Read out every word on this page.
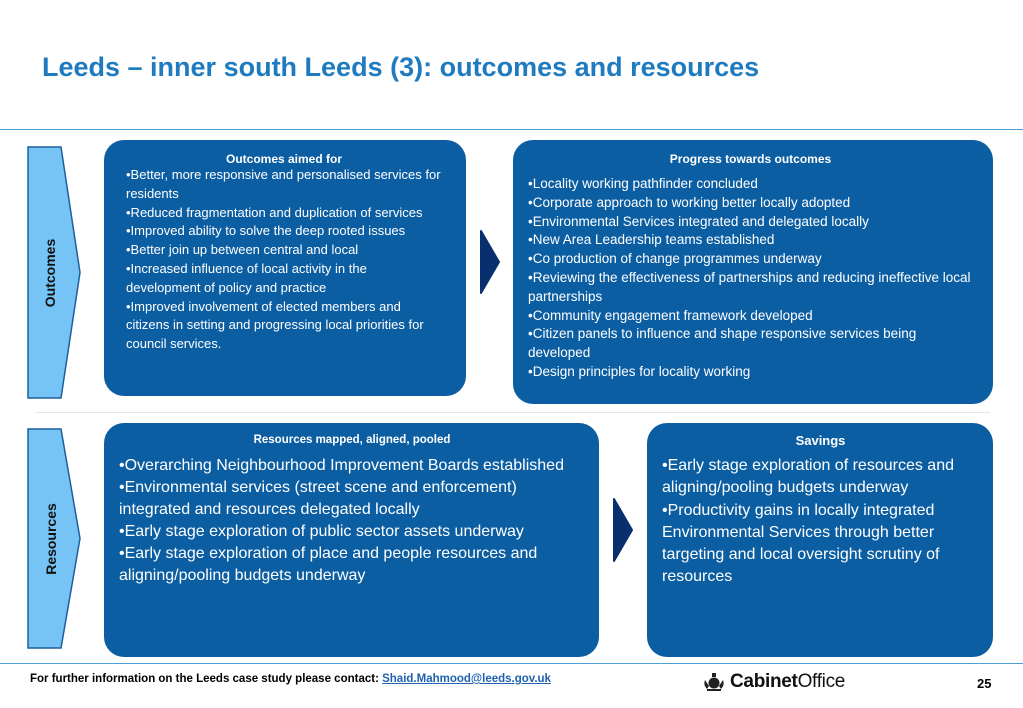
Leeds – inner south Leeds (3): outcomes and resources
Outcomes
Resources
Outcomes aimed for
•Better, more responsive and personalised services for residents
•Reduced fragmentation and duplication of services
•Improved ability to solve the deep rooted issues
•Better join up between central and local
•Increased influence of local activity in the development of policy and practice
•Improved involvement of elected members and citizens in setting and progressing local priorities for council services.
Progress towards outcomes
•Locality working pathfinder concluded
•Corporate approach to working better locally adopted
•Environmental Services integrated and delegated locally
•New Area Leadership teams established
•Co production of change programmes underway
•Reviewing the effectiveness of partnerships and reducing ineffective local partnerships
•Community engagement framework developed
•Citizen panels to influence and shape responsive services being developed
•Design principles for locality working
Resources mapped, aligned, pooled
•Overarching Neighbourhood Improvement Boards established
•Environmental services (street scene and enforcement) integrated and resources delegated locally
•Early stage exploration of public sector assets underway
•Early stage exploration of place and people resources and aligning/pooling budgets underway
Savings
•Early stage exploration of resources and aligning/pooling budgets underway
•Productivity gains in locally integrated Environmental Services through better targeting and local oversight scrutiny of resources
For further information on the Leeds case study please contact: Shaid.Mahmood@leeds.gov.uk	CabinetOffice	25
